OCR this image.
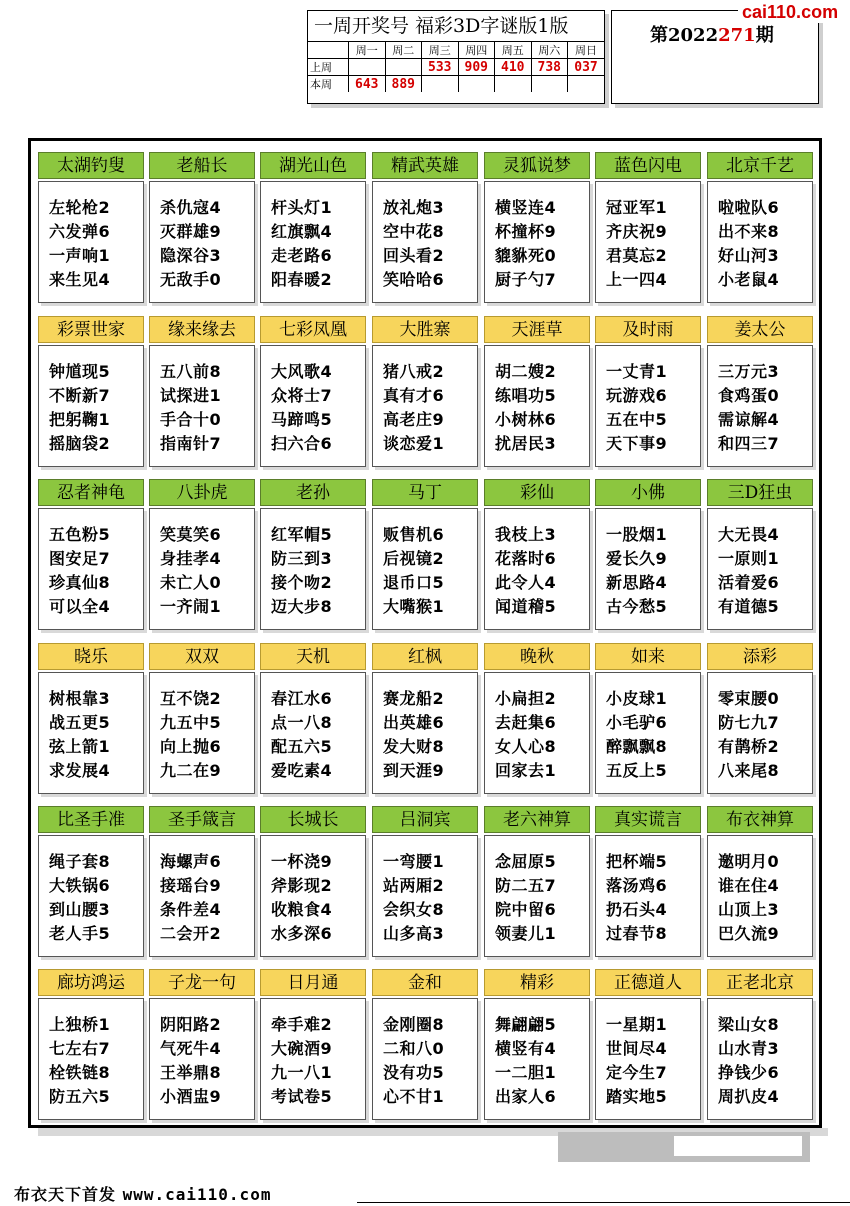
一周开奖号 福彩3D字谜版1版
	周一	周二	周三	周四	周五	周六	周日
上周			533	909	410	738	037
本周	643	889					
第2022271期
cai110.com
太湖钓叟
左轮枪2
六发弹6
一声响1
来生见4
老船长
杀仇寇4
灭群雄9
隐深谷3
无敌手0
湖光山色
杆头灯1
红旗飘4
走老路6
阳春暖2
精武英雄
放礼炮3
空中花8
回头看2
笑哈哈6
灵狐说梦
横竖连4
杯撞杯9
貔貅死0
厨子勺7
蓝色闪电
冠亚军1
齐庆祝9
君莫忘2
上一四4
北京千艺
啦啦队6
出不来8
好山河3
小老鼠4
彩票世家
钟馗现5
不断新7
把躬鞠1
摇脑袋2
缘来缘去
五八前8
试探进1
手合十0
指南针7
七彩凤凰
大风歌4
众将士7
马蹄鸣5
扫六合6
大胜寨
猪八戒2
真有才6
高老庄9
谈恋爱1
天涯草
胡二嫂2
练唱功5
小树林6
扰居民3
及时雨
一丈青1
玩游戏6
五在中5
天下事9
姜太公
三万元3
食鸡蛋0
需谅解4
和四三7
忍者神龟
五色粉5
图安足7
珍真仙8
可以全4
八卦虎
笑莫笑6
身挂孝4
未亡人0
一齐闹1
老孙
红军帽5
防三到3
接个吻2
迈大步8
马丁
贩售机6
后视镜2
退币口5
大嘴猴1
彩仙
我枝上3
花落时6
此令人4
闻道稽5
小佛
一股烟1
爱长久9
新思路4
古今愁5
三D狂虫
大无畏4
一原则1
活着爱6
有道德5
晓乐
树根靠3
战五更5
弦上箭1
求发展4
双双
互不饶2
九五中5
向上抛6
九二在9
天机
春江水6
点一八8
配五六5
爱吃素4
红枫
赛龙船2
出英雄6
发大财8
到天涯9
晚秋
小扁担2
去赶集6
女人心8
回家去1
如来
小皮球1
小毛驴6
醉飘飘8
五反上5
添彩
零束腰0
防七九7
有鹊桥2
八来尾8
比圣手准
绳子套8
大铁锅6
到山腰3
老人手5
圣手箴言
海螺声6
接瑶台9
条件差4
二会开2
长城长
一杯浇9
斧影现2
收粮食4
水多深6
吕洞宾
一弯腰1
站两厢2
会织女8
山多高3
老六神算
念屈原5
防二五7
院中留6
领妻儿1
真实谎言
把杯端5
落汤鸡6
扔石头4
过春节8
布衣神算
邀明月0
谁在住4
山顶上3
巴久流9
廊坊鸿运
上独桥1
七左右7
栓铁链8
防五六5
子龙一句
阴阳路2
气死牛4
王举鼎8
小酒盅9
日月通
牵手难2
大碗酒9
九一八1
考试卷5
金和
金刚圈8
二和八0
没有功5
心不甘1
精彩
舞翩翩5
横竖有4
一二胆1
出家人6
正德道人
一星期1
世间尽4
定今生7
踏实地5
正老北京
梁山女8
山水青3
挣钱少6
周扒皮4
布衣天下首发 www.cai110.com
